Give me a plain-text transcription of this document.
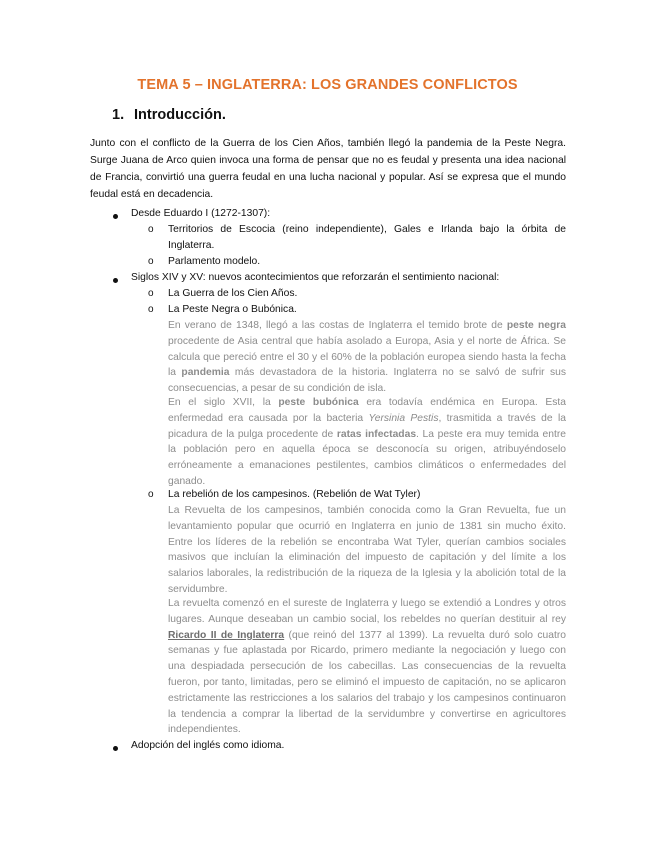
TEMA 5 – INGLATERRA: LOS GRANDES CONFLICTOS
1. Introducción.
Junto con el conflicto de la Guerra de los Cien Años, también llegó la pandemia de la Peste Negra. Surge Juana de Arco quien invoca una forma de pensar que no es feudal y presenta una idea nacional de Francia, convirtió una guerra feudal en una lucha nacional y popular. Así se expresa que el mundo feudal está en decadencia.
Desde Eduardo I (1272-1307):
o Territorios de Escocia (reino independiente), Gales e Irlanda bajo la órbita de Inglaterra.
o Parlamento modelo.
Siglos XIV y XV: nuevos acontecimientos que reforzarán el sentimiento nacional:
o La Guerra de los Cien Años.
o La Peste Negra o Bubónica.
En verano de 1348, llegó a las costas de Inglaterra el temido brote de peste negra procedente de Asia central que había asolado a Europa, Asia y el norte de África. Se calcula que pereció entre el 30 y el 60% de la población europea siendo hasta la fecha la pandemia más devastadora de la historia. Inglaterra no se salvó de sufrir sus consecuencias, a pesar de su condición de isla.
En el siglo XVII, la peste bubónica era todavía endémica en Europa. Esta enfermedad era causada por la bacteria Yersinia Pestis, trasmitida a través de la picadura de la pulga procedente de ratas infectadas. La peste era muy temida entre la población pero en aquella época se desconocía su origen, atribuyéndoselo erróneamente a emanaciones pestilentes, cambios climáticos o enfermedades del ganado.
o La rebelión de los campesinos. (Rebelión de Wat Tyler)
La Revuelta de los campesinos, también conocida como la Gran Revuelta, fue un levantamiento popular que ocurrió en Inglaterra en junio de 1381 sin mucho éxito. Entre los líderes de la rebelión se encontraba Wat Tyler, querían cambios sociales masivos que incluían la eliminación del impuesto de capitación y del límite a los salarios laborales, la redistribución de la riqueza de la Iglesia y la abolición total de la servidumbre.
La revuelta comenzó en el sureste de Inglaterra y luego se extendió a Londres y otros lugares. Aunque deseaban un cambio social, los rebeldes no querían destituir al rey Ricardo II de Inglaterra (que reinó del 1377 al 1399). La revuelta duró solo cuatro semanas y fue aplastada por Ricardo, primero mediante la negociación y luego con una despiadada persecución de los cabecillas. Las consecuencias de la revuelta fueron, por tanto, limitadas, pero se eliminó el impuesto de capitación, no se aplicaron estrictamente las restricciones a los salarios del trabajo y los campesinos continuaron la tendencia a comprar la libertad de la servidumbre y convertirse en agricultores independientes.
Adopción del inglés como idioma.
